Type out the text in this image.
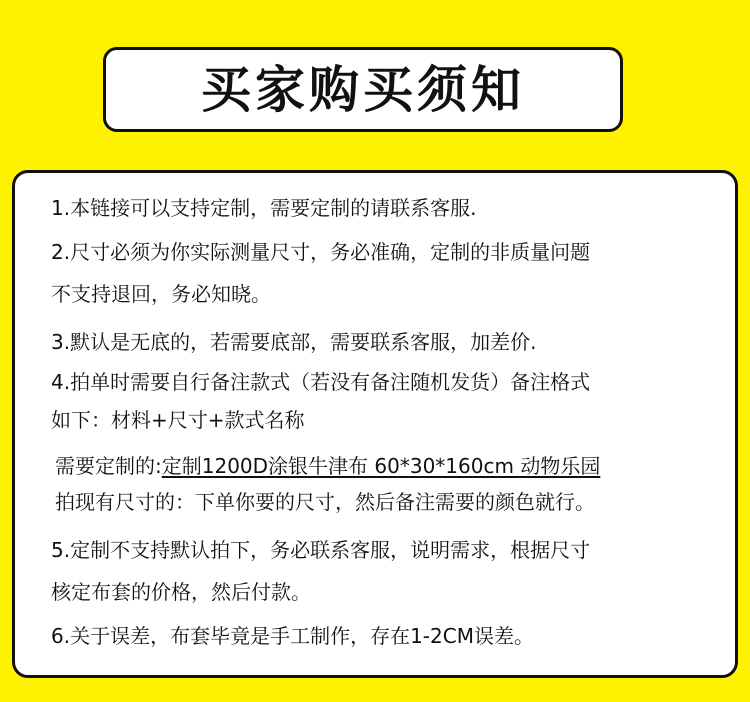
买家购买须知
1.本链接可以支持定制，需要定制的请联系客服.
2.尺寸必须为你实际测量尺寸，务必准确，定制的非质量问题
不支持退回，务必知晓。
3.默认是无底的，若需要底部，需要联系客服，加差价.
4.拍单时需要自行备注款式（若没有备注随机发货）备注格式
如下：材料+尺寸+款式名称
需要定制的:定制1200D涂银牛津布 60*30*160cm 动物乐园
拍现有尺寸的：下单你要的尺寸，然后备注需要的颜色就行。
5.定制不支持默认拍下，务必联系客服，说明需求，根据尺寸
核定布套的价格，然后付款。
6.关于误差，布套毕竟是手工制作，存在1-2CM误差。
